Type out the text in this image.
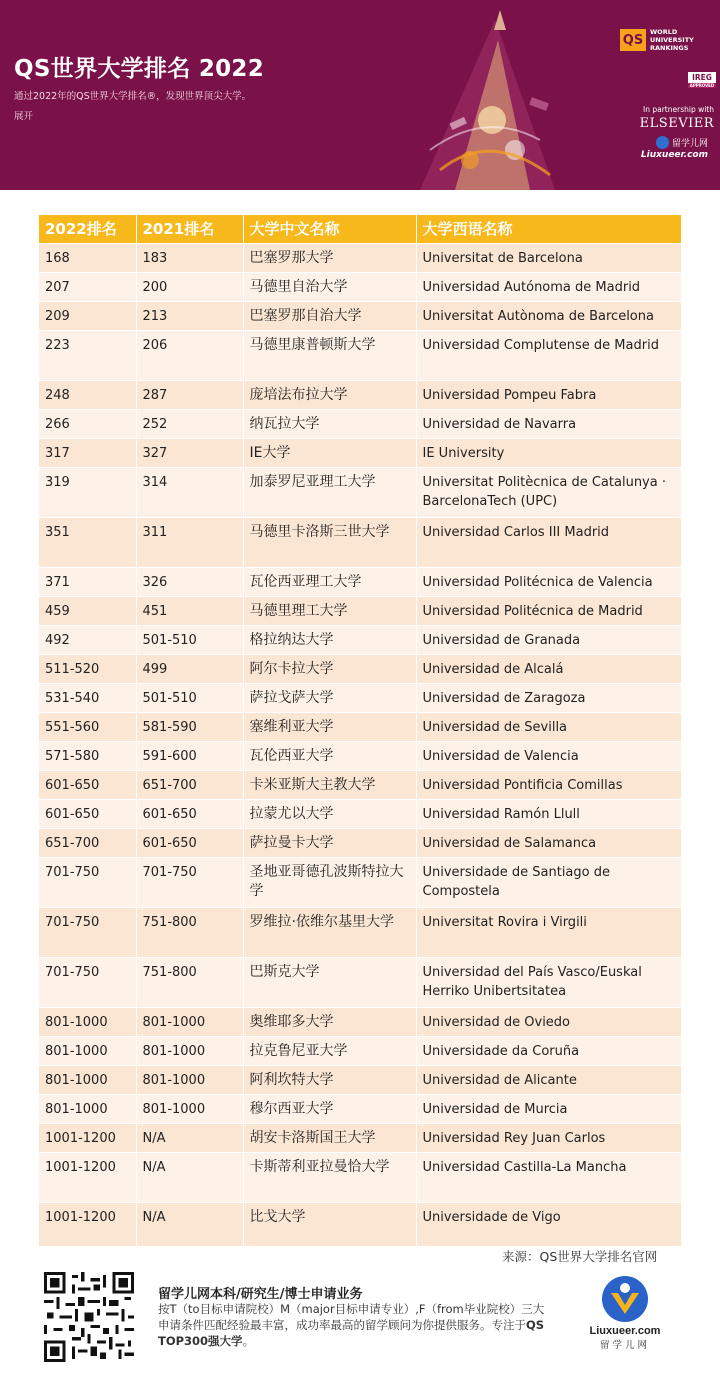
QS世界大学排名 2022
通过2022年的QS世界大学排名®，发现世界顶尖大学。
展开
QS
WORLD
UNIVERSITY
RANKINGS
IREG
APPROVED
In partnership with
ELSEVIER
留学儿网
Liuxueer.com
2022排名	2021排名	大学中文名称	大学西语名称
168	183	巴塞罗那大学	Universitat de Barcelona
207	200	马德里自治大学	Universidad Autónoma de Madrid
209	213	巴塞罗那自治大学	Universitat Autònoma de Barcelona
223	206	马德里康普顿斯大学	Universidad Complutense de Madrid
248	287	庞培法布拉大学	Universidad Pompeu Fabra
266	252	纳瓦拉大学	Universidad de Navarra
317	327	IE大学	IE University
319	314	加泰罗尼亚理工大学	Universitat Politècnica de Catalunya · BarcelonaTech (UPC)
351	311	马德里卡洛斯三世大学	Universidad Carlos III Madrid
371	326	瓦伦西亚理工大学	Universidad Politécnica de Valencia
459	451	马德里理工大学	Universidad Politécnica de Madrid
492	501-510	格拉纳达大学	Universidad de Granada
511-520	499	阿尔卡拉大学	Universidad de Alcalá
531-540	501-510	萨拉戈萨大学	Universidad de Zaragoza
551-560	581-590	塞维利亚大学	Universidad de Sevilla
571-580	591-600	瓦伦西亚大学	Universidad de Valencia
601-650	651-700	卡米亚斯大主教大学	Universidad Pontificia Comillas
601-650	601-650	拉蒙尤以大学	Universidad Ramón Llull
651-700	601-650	萨拉曼卡大学	Universidad de Salamanca
701-750	701-750	圣地亚哥德孔波斯特拉大学	Universidade de Santiago de Compostela
701-750	751-800	罗维拉·依维尔基里大学	Universitat Rovira i Virgili
701-750	751-800	巴斯克大学	Universidad del País Vasco/Euskal Herriko Unibertsitatea
801-1000	801-1000	奥维耶多大学	Universidad de Oviedo
801-1000	801-1000	拉克鲁尼亚大学	Universidade da Coruña
801-1000	801-1000	阿利坎特大学	Universidad de Alicante
801-1000	801-1000	穆尔西亚大学	Universidad de Murcia
1001-1200	N/A	胡安卡洛斯国王大学	Universidad Rey Juan Carlos
1001-1200	N/A	卡斯蒂利亚拉曼恰大学	Universidad Castilla-La Mancha
1001-1200	N/A	比戈大学	Universidade de Vigo
来源：QS世界大学排名官网
留学儿网本科/研究生/博士申请业务
按T（to目标申请院校）M（major目标申请专业）,F（from毕业院校）三大申请条件匹配经验最丰富，成功率最高的留学顾问为你提供服务。专注于QS TOP300强大学。
Liuxueer.com
留学儿网
